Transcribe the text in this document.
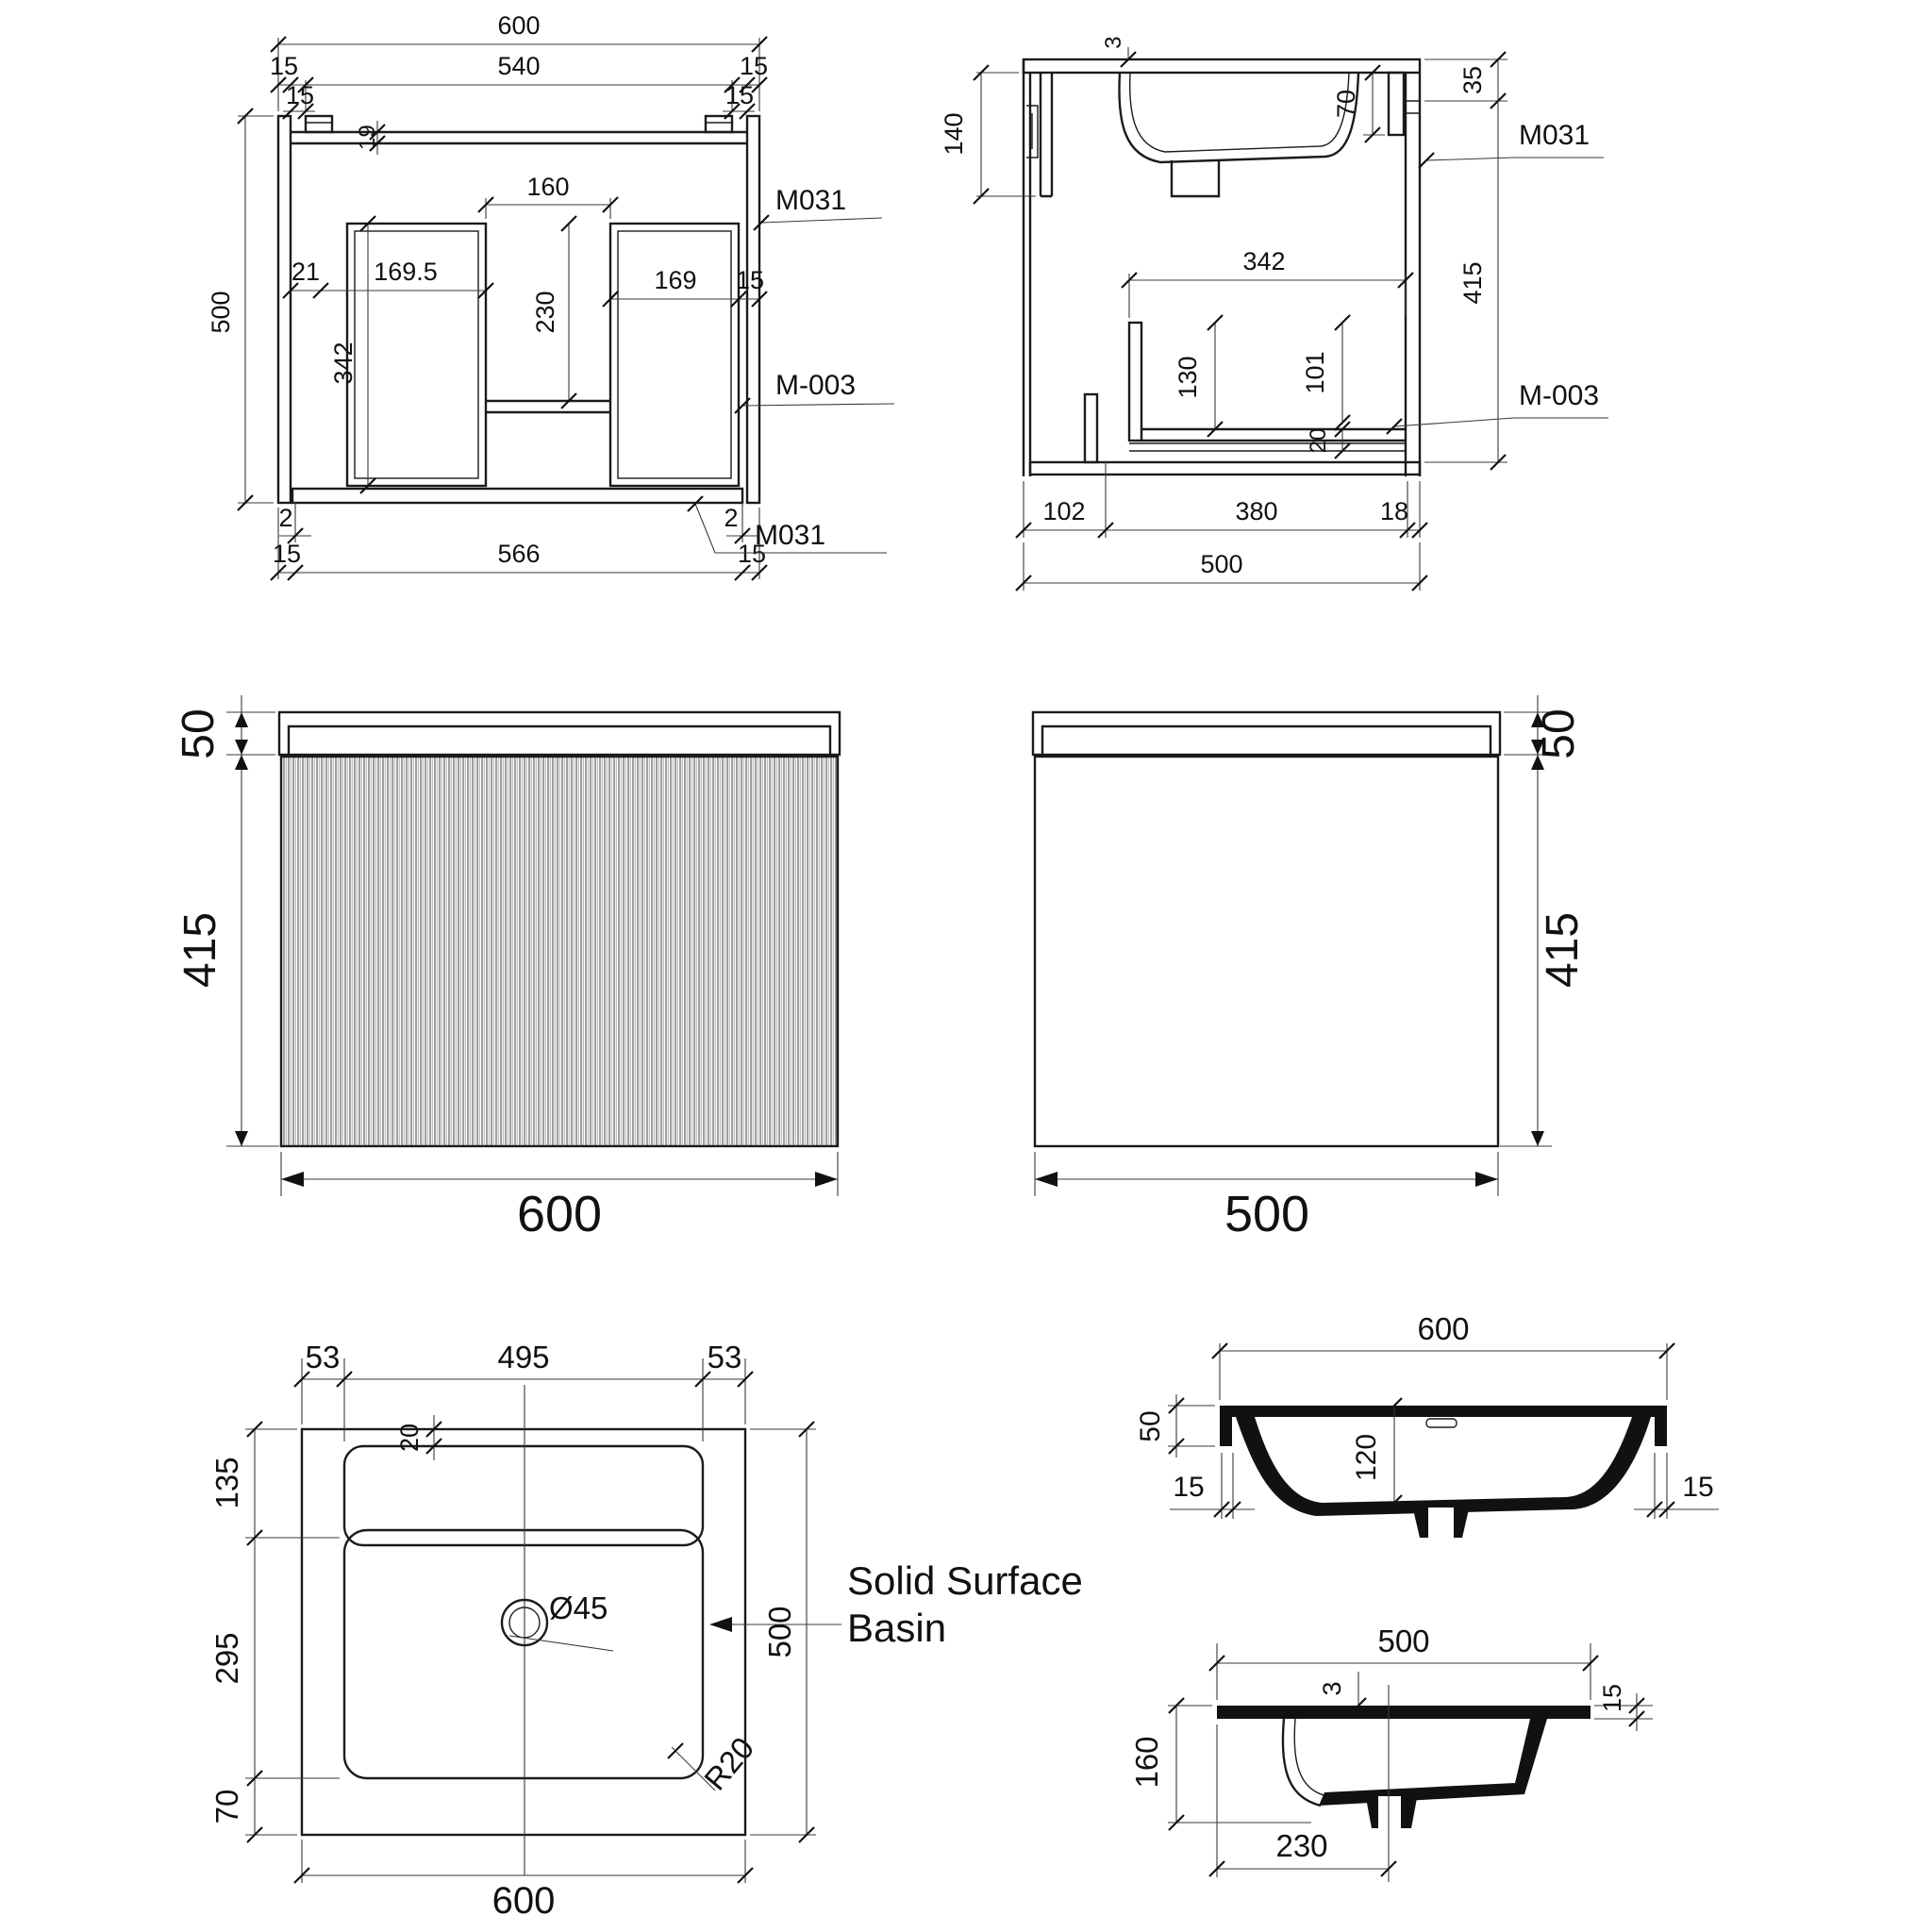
600
15	540	15
15	15
19
160
230
342
21 169.5	169 15
500
2	2
15	566	15
M031
M-003
M031
3
140
70
35
415
342
130	101
20
102	380	18
500
M031
M-003
50
415
600
50
415
500
Ø45
53	495	53
20
135
295
70
500
600
R20
Solid Surface
Basin
600
50
15	15
120
500
3	15
160
230
